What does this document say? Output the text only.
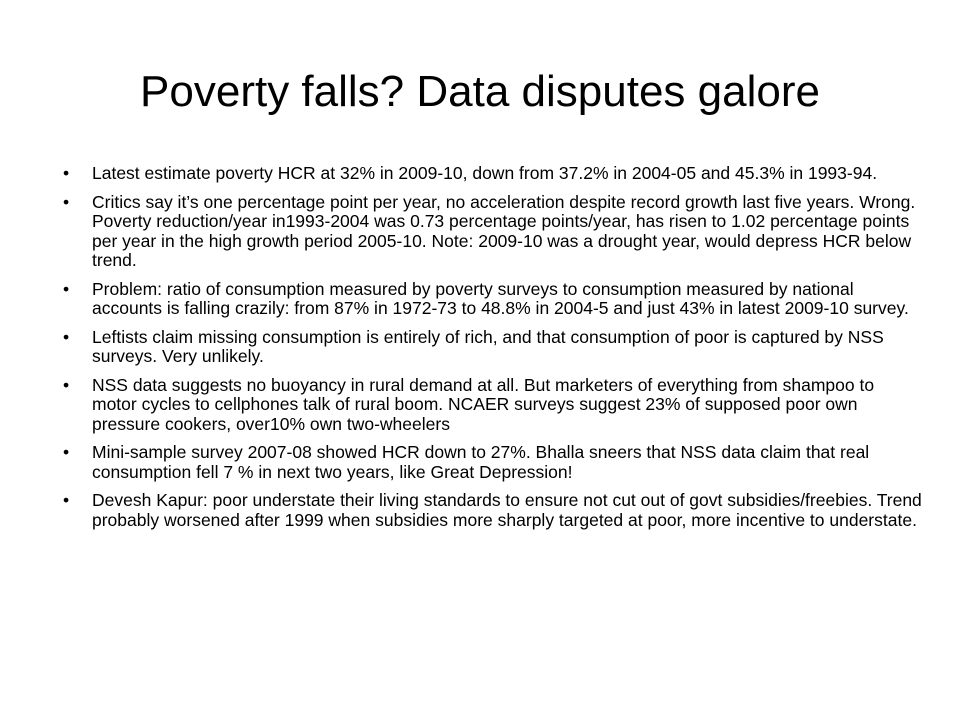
Poverty falls? Data disputes galore
•	Latest estimate poverty HCR at 32% in 2009-10, down from 37.2% in 2004-05 and 45.3% in 1993-94.
•	Critics say it’s one percentage point per year, no acceleration despite record growth last five years. Wrong. Poverty reduction/year in1993-2004 was 0.73 percentage points/year, has risen to 1.02 percentage points per year in the high growth period 2005-10. Note: 2009-10 was a drought year, would depress HCR below trend.
•	Problem: ratio of consumption measured by poverty surveys to consumption measured by national accounts is falling crazily: from 87% in 1972-73 to 48.8% in 2004-5 and just 43% in latest 2009-10 survey.
•	Leftists claim missing consumption is entirely of rich, and that consumption of poor is captured by NSS surveys. Very unlikely.
•	NSS data suggests no buoyancy in rural demand at all. But marketers of everything from shampoo to motor cycles to cellphones talk of rural boom. NCAER surveys suggest 23% of supposed poor own pressure cookers, over10% own two-wheelers
•	Mini-sample survey 2007-08 showed HCR down to 27%. Bhalla sneers that NSS data claim that real consumption fell 7 % in next two years, like Great Depression!
•	Devesh Kapur: poor understate their living standards to ensure not cut out of govt subsidies/freebies. Trend probably worsened after 1999 when subsidies more sharply targeted at poor, more incentive to understate.
